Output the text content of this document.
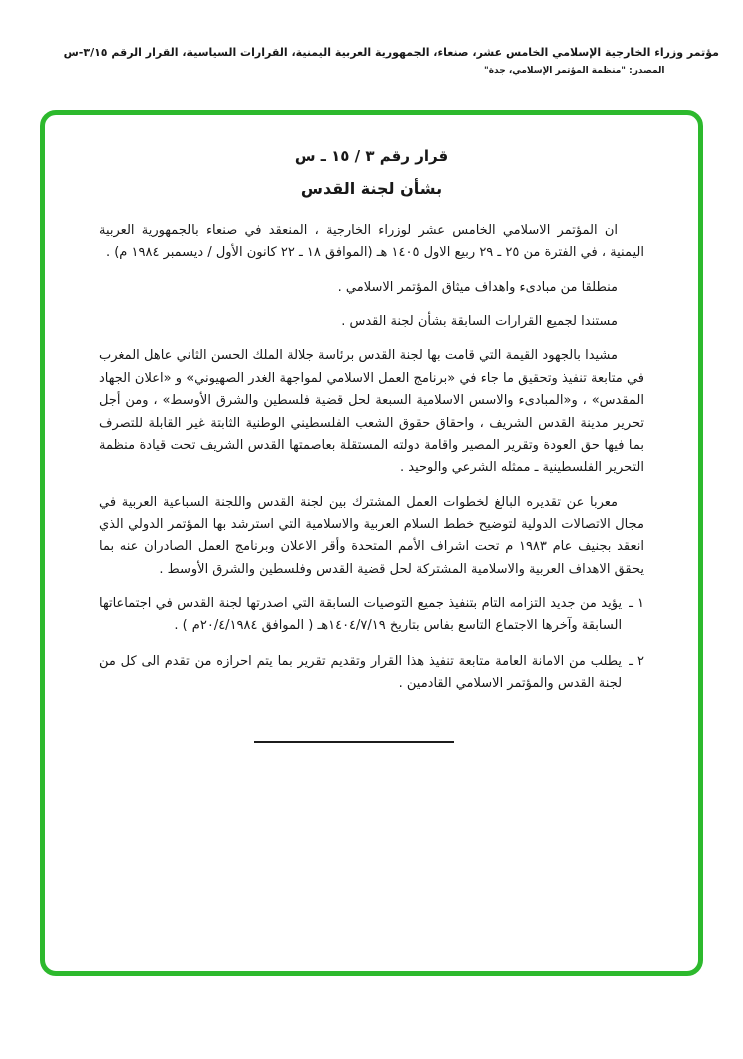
مؤتمر وزراء الخارجية الإسلامي الخامس عشر، صنعاء، الجمهورية العربية اليمنية، القرارات السياسية، القرار الرقم ٣/١٥-س
المصدر: "منظمة المؤتمر الإسلامي، جدة"
قرار رقم ٣ / ١٥ ـ س
بشأن لجنة القدس

ان المؤتمر الاسلامي الخامس عشر لوزراء الخارجية ، المنعقد في صنعاء بالجمهورية العربية اليمنية ، في الفترة من ٢٥ ـ ٢٩ ربيع الاول ١٤٠٥ هـ (الموافق ١٨ ـ ٢٢ كانون الأول / ديسمبر ١٩٨٤ م) .

منطلقا من مبادىء واهداف ميثاق المؤتمر الاسلامي .

مستندا لجميع القرارات السابقة بشأن لجنة القدس .

مشيدا بالجهود القيمة التي قامت بها لجنة القدس برئاسة جلالة الملك الحسن الثاني عاهل المغرب في متابعة تنفيذ وتحقيق ما جاء في «برنامج العمل الاسلامي لمواجهة الغدر الصهيوني» و «اعلان الجهاد المقدس» ، و«المبادىء والاسس الاسلامية السبعة لحل قضية فلسطين والشرق الأوسط» ، ومن أجل تحرير مدينة القدس الشريف ، واحقاق حقوق الشعب الفلسطيني الوطنية الثابتة غير القابلة للتصرف بما فيها حق العودة وتقرير المصير واقامة دولته المستقلة بعاصمتها القدس الشريف تحت قيادة منظمة التحرير الفلسطينية ـ ممثله الشرعي والوحيد .

معربا عن تقديره البالغ لخطوات العمل المشترك بين لجنة القدس واللجنة السباعية العربية في مجال الاتصالات الدولية لتوضيح خطط السلام العربية والاسلامية التي استرشد بها المؤتمر الدولي الذي انعقد بجنيف عام ١٩٨٣ م تحت اشراف الأمم المتحدة وأقر الاعلان وبرنامج العمل الصادران عنه بما يحقق الاهداف العربية والاسلامية المشتركة لحل قضية القدس وفلسطين والشرق الأوسط .

١ ـ
يؤيد من جديد التزامه التام بتنفيذ جميع التوصيات السابقة التي اصدرتها لجنة القدس في اجتماعاتها السابقة وآخرها الاجتماع التاسع بفاس بتاريخ ١٤٠٤/٧/١٩هـ ( الموافق ٢٠/٤/١٩٨٤م ) .
٢ ـ
يطلب من الامانة العامة متابعة تنفيذ هذا القرار وتقديم تقرير بما يتم احرازه من تقدم الى كل من لجنة القدس والمؤتمر الاسلامي القادمين .
